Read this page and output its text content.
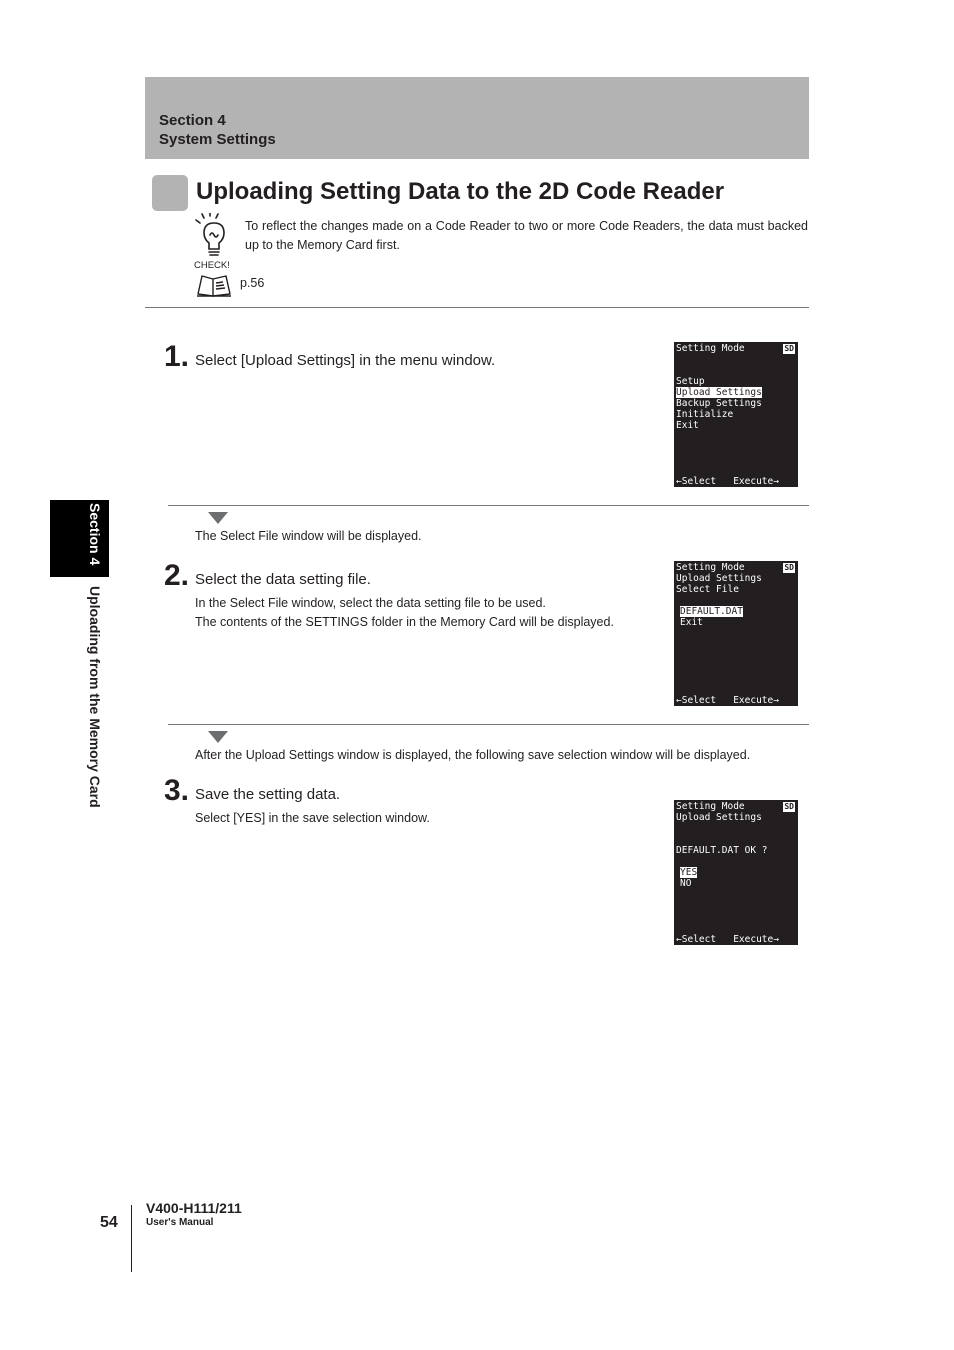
Section 4
System Settings
Uploading Setting Data to the 2D Code Reader
CHECK!
To reflect the changes made on a Code Reader to two or more Code Readers, the data must backed up to the Memory Card first.
p.56
1. Select [Upload Settings] in the menu window.
Setting Mode	SD
Setup
Upload Settings
Backup Settings
Initialize
Exit
←Select   Execute→
The Select File window will be displayed.
2. Select the data setting file.
In the Select File window, select the data setting file to be used.
The contents of the SETTINGS folder in the Memory Card will be displayed.
Setting Mode	SD
Upload Settings
Select File
DEFAULT.DAT
Exit
←Select   Execute→
After the Upload Settings window is displayed, the following save selection window will be displayed.
3. Save the setting data.
Select [YES] in the save selection window.
Setting Mode	SD
Upload Settings
DEFAULT.DAT OK ?
YES
NO
←Select   Execute→
Section 4
Uploading from the Memory Card
54
V400-H111/211
User's Manual
